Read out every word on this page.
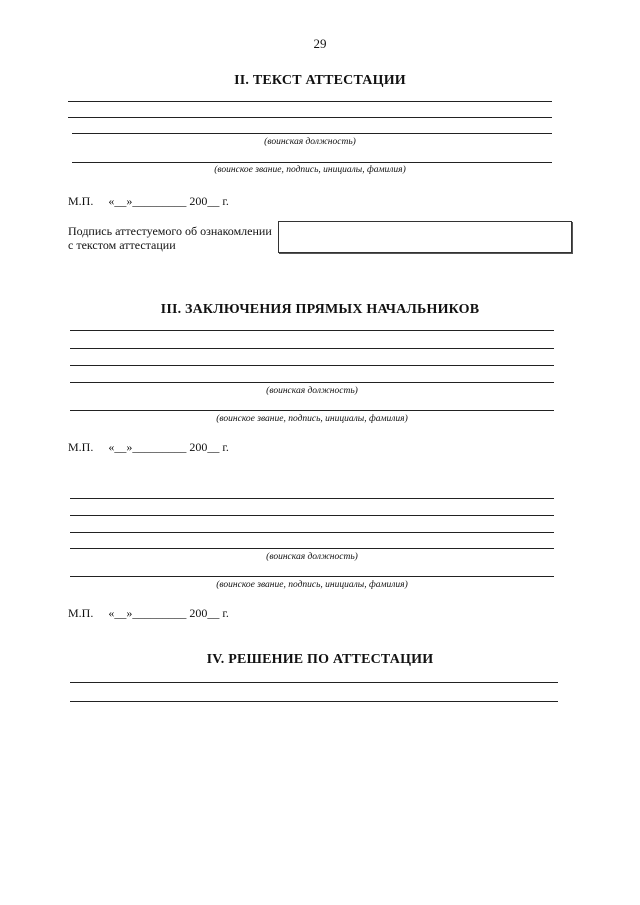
29
II. ТЕКСТ АТТЕСТАЦИИ
(воинская должность)
(воинское звание, подпись, инициалы, фамилия)
М.П. «__»_________ 200__ г.
Подпись аттестуемого об ознакомлении с текстом аттестации
III. ЗАКЛЮЧЕНИЯ ПРЯМЫХ НАЧАЛЬНИКОВ
(воинская должность)
(воинское звание, подпись, инициалы, фамилия)
М.П. «__»_________ 200__ г.
(воинская должность)
(воинское звание, подпись, инициалы, фамилия)
М.П. «__»_________ 200__ г.
IV. РЕШЕНИЕ ПО АТТЕСТАЦИИ
